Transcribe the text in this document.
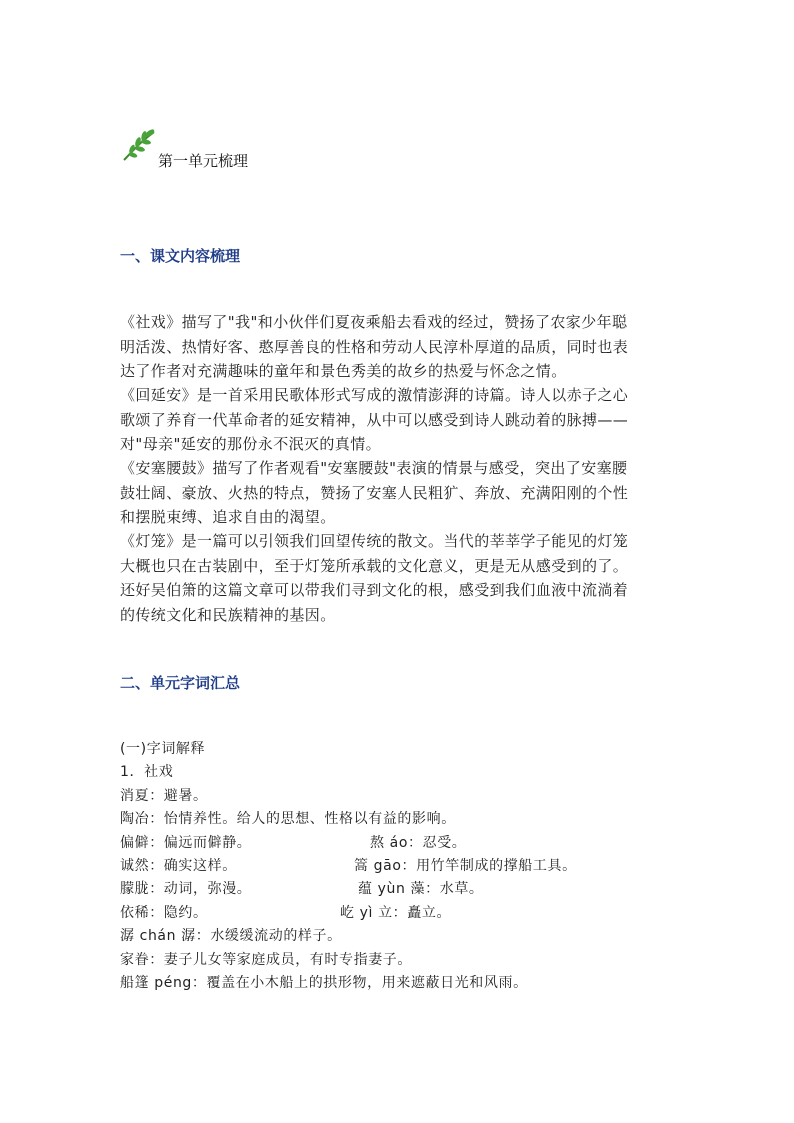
第一单元梳理
一、课文内容梳理
《社戏》描写了"我"和小伙伴们夏夜乘船去看戏的经过，赞扬了农家少年聪
明活泼、热情好客、憨厚善良的性格和劳动人民淳朴厚道的品质，同时也表
达了作者对充满趣味的童年和景色秀美的故乡的热爱与怀念之情。
《回延安》是一首采用民歌体形式写成的激情澎湃的诗篇。诗人以赤子之心
歌颂了养育一代革命者的延安精神，从中可以感受到诗人跳动着的脉搏——
对"母亲"延安的那份永不泯灭的真情。
《安塞腰鼓》描写了作者观看"安塞腰鼓"表演的情景与感受，突出了安塞腰
鼓壮阔、豪放、火热的特点，赞扬了安塞人民粗犷、奔放、充满阳刚的个性
和摆脱束缚、追求自由的渴望。
《灯笼》是一篇可以引领我们回望传统的散文。当代的莘莘学子能见的灯笼
大概也只在古装剧中，至于灯笼所承载的文化意义，更是无从感受到的了。
还好吴伯箫的这篇文章可以带我们寻到文化的根，感受到我们血液中流淌着
的传统文化和民族精神的基因。
二、单元字词汇总
(一)字词解释
1．社戏
消夏：避暑。
陶冶：怡情养性。给人的思想、性格以有益的影响。
偏僻：偏远而僻静。	熬 áo：忍受。
诚然：确实这样。	篙 gāo：用竹竿制成的撑船工具。
朦胧：动词，弥漫。	蕴 yùn 藻：水草。
依稀：隐约。	屹 yì 立：矗立。
潺 chán 潺：水缓缓流动的样子。
家眷：妻子儿女等家庭成员，有时专指妻子。
船篷 péng：覆盖在小木船上的拱形物，用来遮蔽日光和风雨。
